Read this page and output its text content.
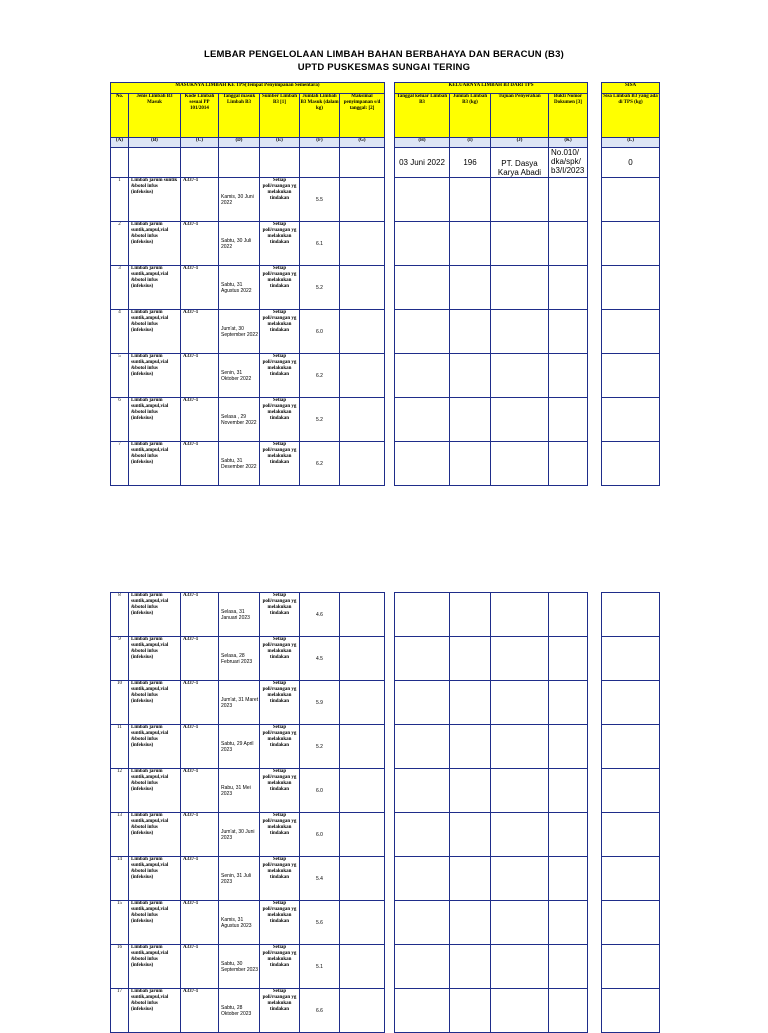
LEMBAR PENGELOLAAN LIMBAH BAHAN BERBAHAYA DAN BERACUN (B3)
UPTD PUSKESMAS SUNGAI TERING
MASUKNYA LIMBAH KE TPS(Tempat Penyimpanan Sementara)								KELUARNYA LIMBAH B3 DARI TPS					SISA
No.	Jenis Limbah B3 Masuk	Kode Limbah sesuai PP 101/2014	Tanggal masuk Limbah B3	Sumber Limbah B3 [1]	Jumlah Limbah B3 Masuk (dalam kg)	Maksimal penyimpanan s/d tanggal: [2]		Tanggal keluar Limbah B3	Jumlah Limbah B3 (kg)	Tujuan Penyerahan	Bukti Nomor Dokumen [3]		Sisa Limbah B3 yang ada di TPS (kg)
(A)	(B)	(C)	(D)	(E)	(F)	(G)		(H)	(I)	(J)	(K)		(L)
								03 Juni 2022	196	PT. Dasya Karya Abadi	No.010/ dka/spk/ b3/I/2023		0
1	Limbah jarum suntik &botol infus (infeksius)	A337-1	Kamis, 30 Juni 2022	Setiap poli/ruangan yg melakukan tindakan	5.5								
2	Limbah jarum suntik,ampul,vial &botol infus (infeksius)	A337-1	Sabtu, 30 Juli 2022	Setiap poli/ruangan yg melakukan tindakan	6.1								
3	Limbah jarum suntik,ampul,vial &botol infus (infeksius)	A337-1	Sabtu, 31 Agustus 2022	Setiap poli/ruangan yg melakukan tindakan	5.2								
4	Limbah jarum suntik,ampul,vial &botol infus (infeksius)	A337-1	Jum'at, 30 September 2022	Setiap poli/ruangan yg melakukan tindakan	6.0								
5	Limbah jarum suntik,ampul,vial &botol infus (infeksius)	A337-1	Senin, 31 Oktober 2022	Setiap poli/ruangan yg melakukan tindakan	6.2								
6	Limbah jarum suntik,ampul,vial &botol infus (infeksius)	A337-1	Selasa , 29 November 2022	Setiap poli/ruangan yg melakukan tindakan	5.2								
7	Limbah jarum suntik,ampul,vial &botol infus (infeksius)	A337-1	Sabtu, 31 Desember 2022	Setiap poli/ruangan yg melakukan tindakan	6.2								
8	Limbah jarum suntik,ampul,vial &botol infus (infeksius)	A337-1	Selasa, 31 Januari 2023	Setiap poli/ruangan yg melakukan tindakan	4.6								
9	Limbah jarum suntik,ampul,vial &botol infus (infeksius)	A337-1	Selasa, 28 Februari 2023	Setiap poli/ruangan yg melakukan tindakan	4.5								
10	Limbah jarum suntik,ampul,vial &botol infus (infeksius)	A337-1	Jum'at, 31 Maret 2023	Setiap poli/ruangan yg melakukan tindakan	5.9								
11	Limbah jarum suntik,ampul,vial &botol infus (infeksius)	A337-1	Sabtu, 29 April 2023	Setiap poli/ruangan yg melakukan tindakan	5.2								
12	Limbah jarum suntik,ampul,vial &botol infus (infeksius)	A337-1	Rabu, 31 Mei 2023	Setiap poli/ruangan yg melakukan tindakan	6.0								
13	Limbah jarum suntik,ampul,vial &botol infus (infeksius)	A337-1	Jum'at, 30 Juni 2023	Setiap poli/ruangan yg melakukan tindakan	6.0								
14	Limbah jarum suntik,ampul,vial &botol infus (infeksius)	A337-1	Senin, 31 Juli 2023	Setiap poli/ruangan yg melakukan tindakan	5.4								
15	Limbah jarum suntik,ampul,vial &botol infus (infeksius)	A337-1	Kamis, 31 Agustus 2023	Setiap poli/ruangan yg melakukan tindakan	5.6								
16	Limbah jarum suntik,ampul,vial &botol infus (infeksius)	A337-1	Sabtu, 30 September 2023	Setiap poli/ruangan yg melakukan tindakan	5.1								
17	Limbah jarum suntik,ampul,vial &botol infus (infeksius)	A337-1	Sabtu, 28 Oktober 2023	Setiap poli/ruangan yg melakukan tindakan	6.6								
